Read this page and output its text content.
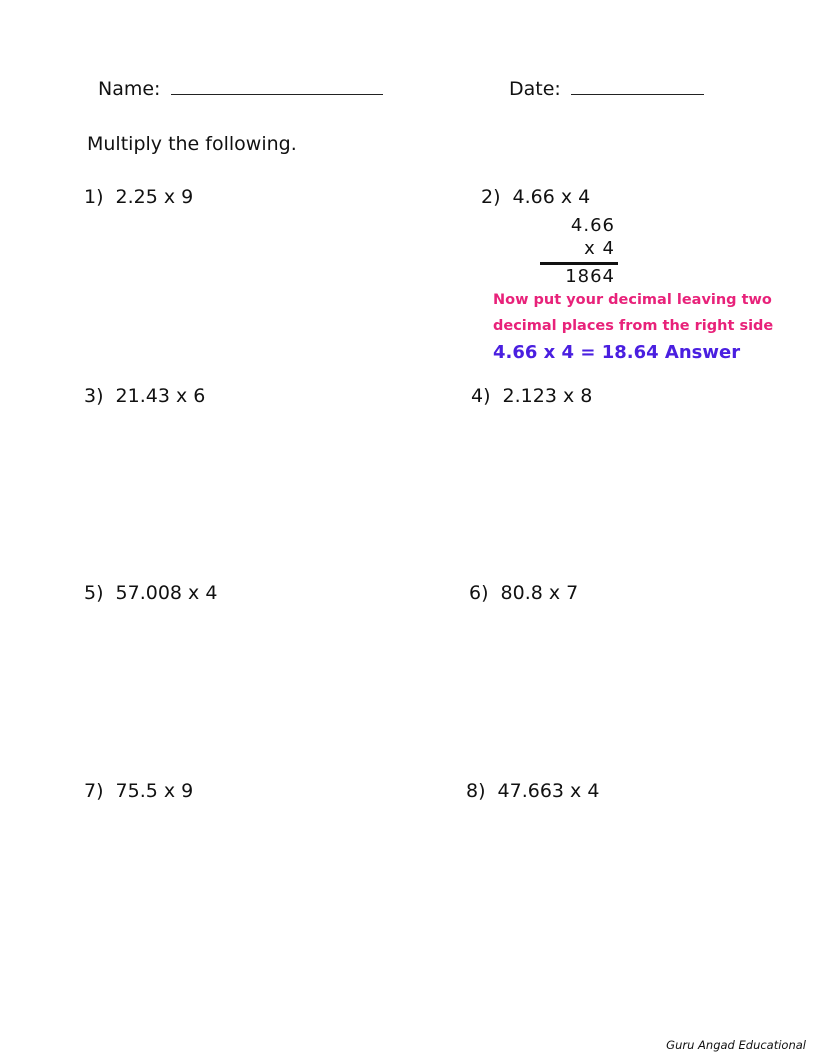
Name:	Date:
Multiply the following.
1) 2.25 x 9	2) 4.66 x 4
4.66
x 4
1864
Now put your decimal leaving two
decimal places from the right side
4.66 x 4 = 18.64 Answer
3) 21.43 x 6	4) 2.123 x 8
5) 57.008 x 4	6) 80.8 x 7
7) 75.5 x 9	8) 47.663 x 4
Guru Angad Educational
